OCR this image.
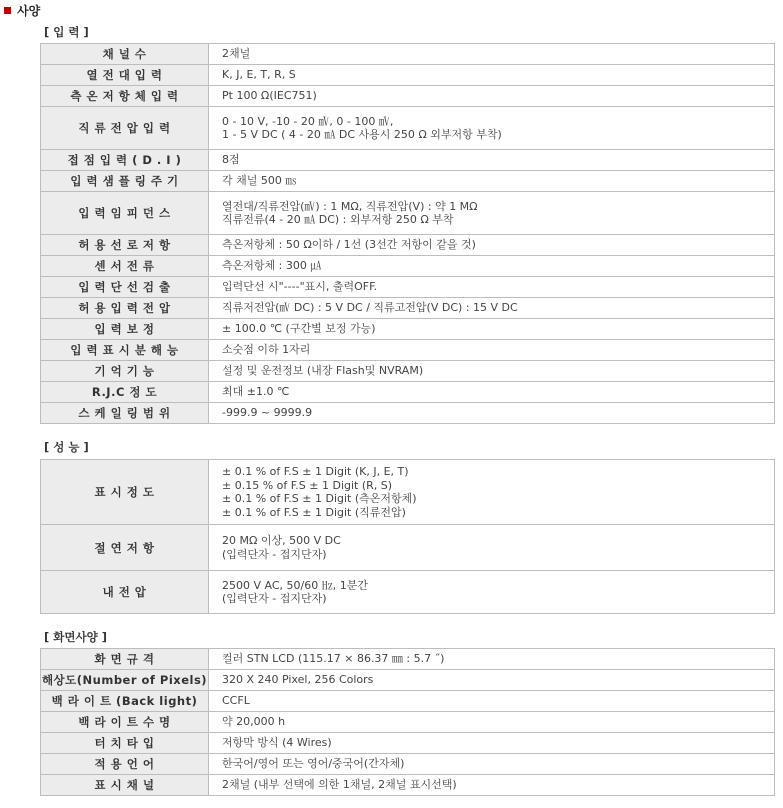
사양
[ 입 력 ]
채 널 수	2채널

열 전 대 입 력	K, J, E, T, R, S

측 온 저 항 체 입 력	Pt 100 Ω(IEC751)

직 류 전 압 입 력	0 - 10 V, -10 - 20 ㎷, 0 - 100 ㎷,
1 - 5 V DC ( 4 - 20 ㎃ DC 사용시 250 Ω 외부저항 부착)

접 점 입 력 ( D . I )	8점

입 력 샘 플 링 주 기	각 채널 500 ㎳

입 력 임 피 던 스	열전대/직류전압(㎷) : 1 MΩ, 직류전압(V) : 약 1 MΩ
직류전류(4 - 20 ㎃ DC) : 외부저항 250 Ω 부착

허 용 선 로 저 항	측온저항체 : 50 Ω이하 / 1선 (3선간 저항이 같을 것)

센 서 전 류	측온저항체 : 300 ㎂

입 력 단 선 검 출	입력단선 시"----"표시, 출력OFF.

허 용 입 력 전 압	직류저전압(㎷ DC) : 5 V DC / 직류고전압(V DC) : 15 V DC

입 력 보 정	± 100.0 ℃ (구간별 보정 가능)

입 력 표 시 분 해 능	소숫점 이하 1자리

기 억 기 능	설정 및 운전정보 (내장 Flash및 NVRAM)

R.J.C 정 도	최대 ±1.0 ℃

스 케 일 링 범 위	-999.9 ~ 9999.9
[ 성 능 ]
표 시 정 도	± 0.1 % of F.S ± 1 Digit (K, J, E, T)
± 0.15 % of F.S ± 1 Digit (R, S)
± 0.1 % of F.S ± 1 Digit (측온저항체)
± 0.1 % of F.S ± 1 Digit (직류전압)

절 연 저 항	20 MΩ 이상, 500 V DC
(입력단자 - 접지단자)

내 전 압	2500 V AC, 50/60 ㎐, 1분간
(입력단자 - 접지단자)
[ 화면사양 ]
화 면 규 격	컬러 STN LCD (115.17 × 86.37 ㎜ : 5.7 ˝)

해상도(Number of Pixels)	320 X 240 Pixel, 256 Colors

백 라 이 트 (Back light)	CCFL

백 라 이 트 수 명	약 20,000 h

터 치 타 입	저항막 방식 (4 Wires)

적 용 언 어	한국어/영어 또는 영어/중국어(간자체)

표 시 채 널	2채널 (내부 선택에 의한 1채널, 2채널 표시선택)
